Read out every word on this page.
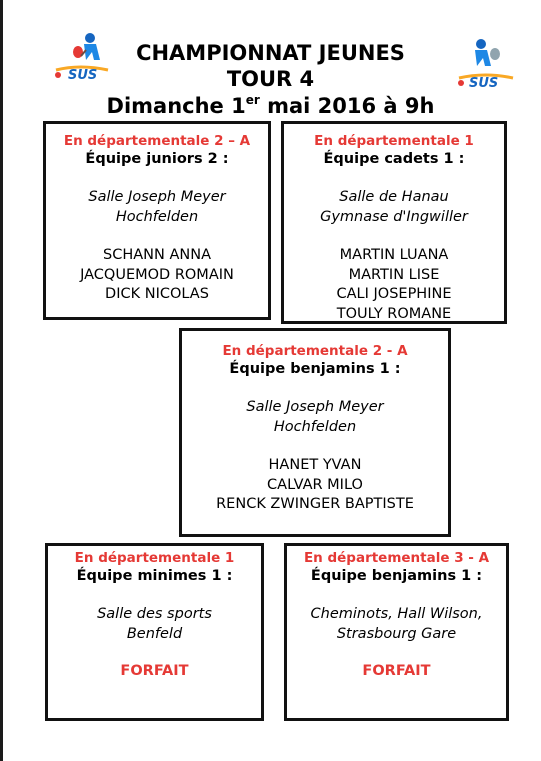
SUS
SUS
CHAMPIONNAT JEUNES
TOUR 4
Dimanche 1er mai 2016 à 9h
En départementale 2 – A
Équipe juniors 2 :
Salle Joseph Meyer
Hochfelden
SCHANN ANNA
JACQUEMOD ROMAIN
DICK NICOLAS
En départementale 1
Équipe cadets 1 :
Salle de Hanau
Gymnase d'Ingwiller
MARTIN LUANA
MARTIN LISE
CALI JOSEPHINE
TOULY ROMANE
En départementale 2 - A
Équipe benjamins 1 :
Salle Joseph Meyer
Hochfelden
HANET YVAN
CALVAR MILO
RENCK ZWINGER BAPTISTE
En départementale 1
Équipe minimes 1 :
Salle des sports
Benfeld
FORFAIT
En départementale 3 - A
Équipe benjamins 1 :
Cheminots, Hall Wilson,
Strasbourg Gare
FORFAIT
